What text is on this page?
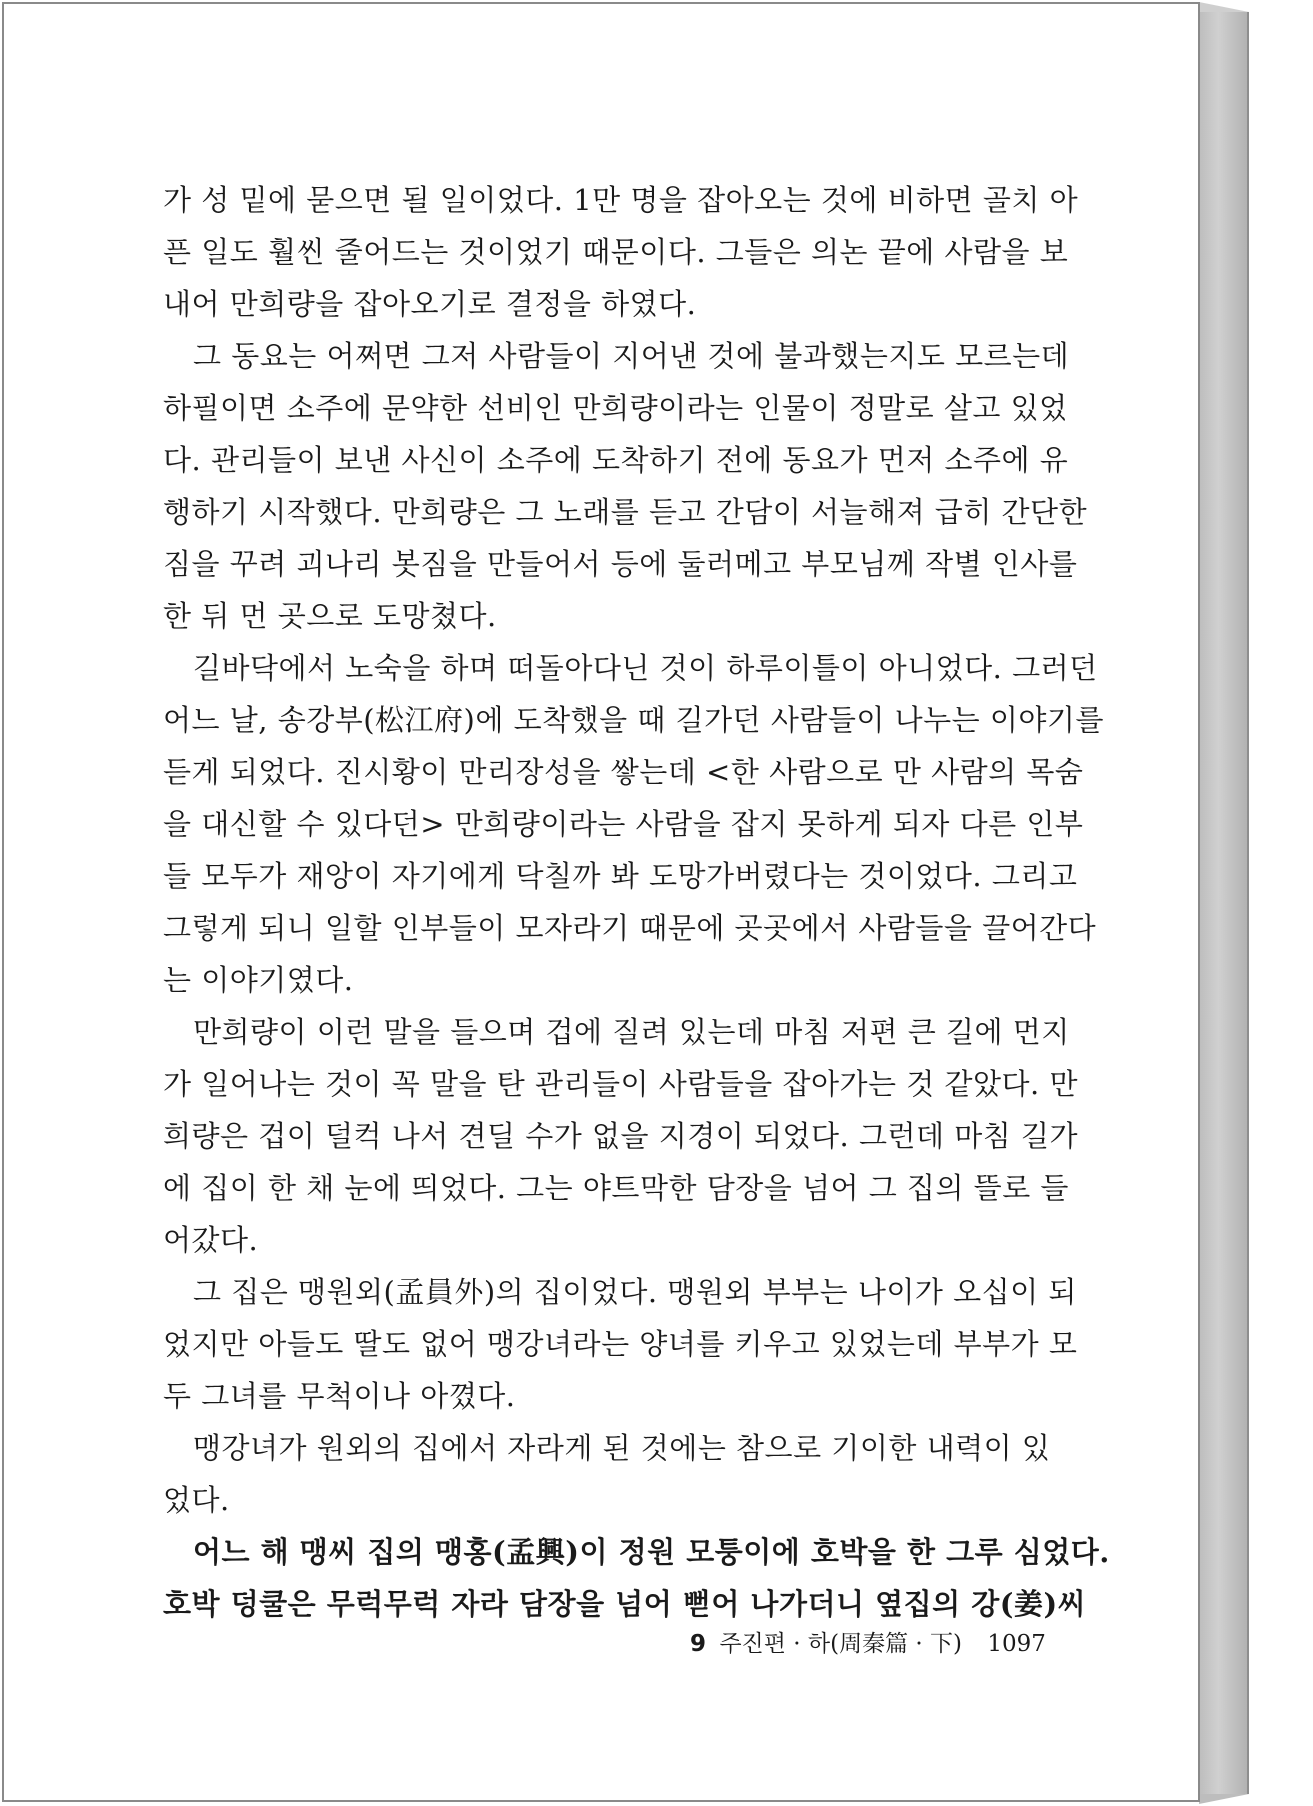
가 성 밑에 묻으면 될 일이었다. 1만 명을 잡아오는 것에 비하면 골치 아
픈 일도 훨씬 줄어드는 것이었기 때문이다. 그들은 의논 끝에 사람을 보
내어 만희량을 잡아오기로 결정을 하였다.
그 동요는 어쩌면 그저 사람들이 지어낸 것에 불과했는지도 모르는데
하필이면 소주에 문약한 선비인 만희량이라는 인물이 정말로 살고 있었
다. 관리들이 보낸 사신이 소주에 도착하기 전에 동요가 먼저 소주에 유
행하기 시작했다. 만희량은 그 노래를 듣고 간담이 서늘해져 급히 간단한
짐을 꾸려 괴나리 봇짐을 만들어서 등에 둘러메고 부모님께 작별 인사를
한 뒤 먼 곳으로 도망쳤다.
길바닥에서 노숙을 하며 떠돌아다닌 것이 하루이틀이 아니었다. 그러던
어느 날, 송강부(松江府)에 도착했을 때 길가던 사람들이 나누는 이야기를
듣게 되었다. 진시황이 만리장성을 쌓는데 <한 사람으로 만 사람의 목숨
을 대신할 수 있다던> 만희량이라는 사람을 잡지 못하게 되자 다른 인부
들 모두가 재앙이 자기에게 닥칠까 봐 도망가버렸다는 것이었다. 그리고
그렇게 되니 일할 인부들이 모자라기 때문에 곳곳에서 사람들을 끌어간다
는 이야기였다.
만희량이 이런 말을 들으며 겁에 질려 있는데 마침 저편 큰 길에 먼지
가 일어나는 것이 꼭 말을 탄 관리들이 사람들을 잡아가는 것 같았다. 만
희량은 겁이 덜컥 나서 견딜 수가 없을 지경이 되었다. 그런데 마침 길가
에 집이 한 채 눈에 띄었다. 그는 야트막한 담장을 넘어 그 집의 뜰로 들
어갔다.
그 집은 맹원외(孟員外)의 집이었다. 맹원외 부부는 나이가 오십이 되
었지만 아들도 딸도 없어 맹강녀라는 양녀를 키우고 있었는데 부부가 모
두 그녀를 무척이나 아꼈다.
맹강녀가 원외의 집에서 자라게 된 것에는 참으로 기이한 내력이 있
었다.
어느 해 맹씨 집의 맹홍(孟興)이 정원 모퉁이에 호박을 한 그루 심었다.
호박 덩쿨은 무럭무럭 자라 담장을 넘어 뻗어 나가더니 옆집의 강(姜)씨
9 주진편 · 하(周秦篇 · 下) 1097
